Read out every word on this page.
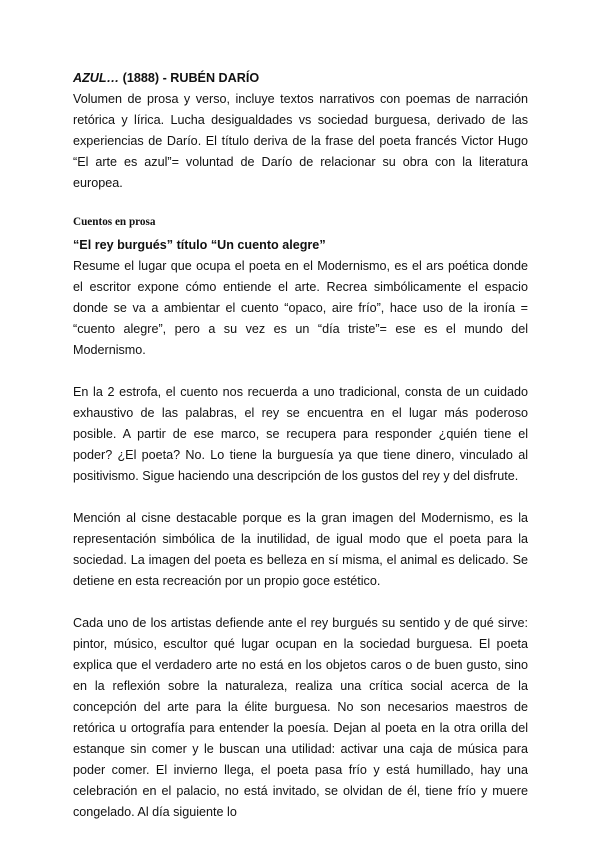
AZUL… (1888) - RUBÉN DARÍO

Volumen de prosa y verso, incluye textos narrativos con poemas de narración retórica y lírica. Lucha desigualdades vs sociedad burguesa, derivado de las experiencias de Darío. El título deriva de la frase del poeta francés Victor Hugo “El arte es azul”= voluntad de Darío de relacionar su obra con la literatura europea.

Cuentos en prosa
“El rey burgués” título “Un cuento alegre”

Resume el lugar que ocupa el poeta en el Modernismo, es el ars poética donde el escritor expone cómo entiende el arte. Recrea simbólicamente el espacio donde se va a ambientar el cuento “opaco, aire frío”, hace uso de la ironía = “cuento alegre”, pero a su vez es un “día triste”= ese es el mundo del Modernismo.

En la 2 estrofa, el cuento nos recuerda a uno tradicional, consta de un cuidado exhaustivo de las palabras, el rey se encuentra en el lugar más poderoso posible. A partir de ese marco, se recupera para responder ¿quién tiene el poder? ¿El poeta? No. Lo tiene la burguesía ya que tiene dinero, vinculado al positivismo. Sigue haciendo una descripción de los gustos del rey y del disfrute.

Mención al cisne destacable porque es la gran imagen del Modernismo, es la representación simbólica de la inutilidad, de igual modo que el poeta para la sociedad. La imagen del poeta es belleza en sí misma, el animal es delicado. Se detiene en esta recreación por un propio goce estético.

Cada uno de los artistas defiende ante el rey burgués su sentido y de qué sirve: pintor, músico, escultor qué lugar ocupan en la sociedad burguesa. El poeta explica que el verdadero arte no está en los objetos caros o de buen gusto, sino en la reflexión sobre la naturaleza, realiza una crítica social acerca de la concepción del arte para la élite burguesa. No son necesarios maestros de retórica u ortografía para entender la poesía. Dejan al poeta en la otra orilla del estanque sin comer y le buscan una utilidad: activar una caja de música para poder comer. El invierno llega, el poeta pasa frío y está humillado, hay una celebración en el palacio, no está invitado, se olvidan de él, tiene frío y muere congelado. Al día siguiente lo
